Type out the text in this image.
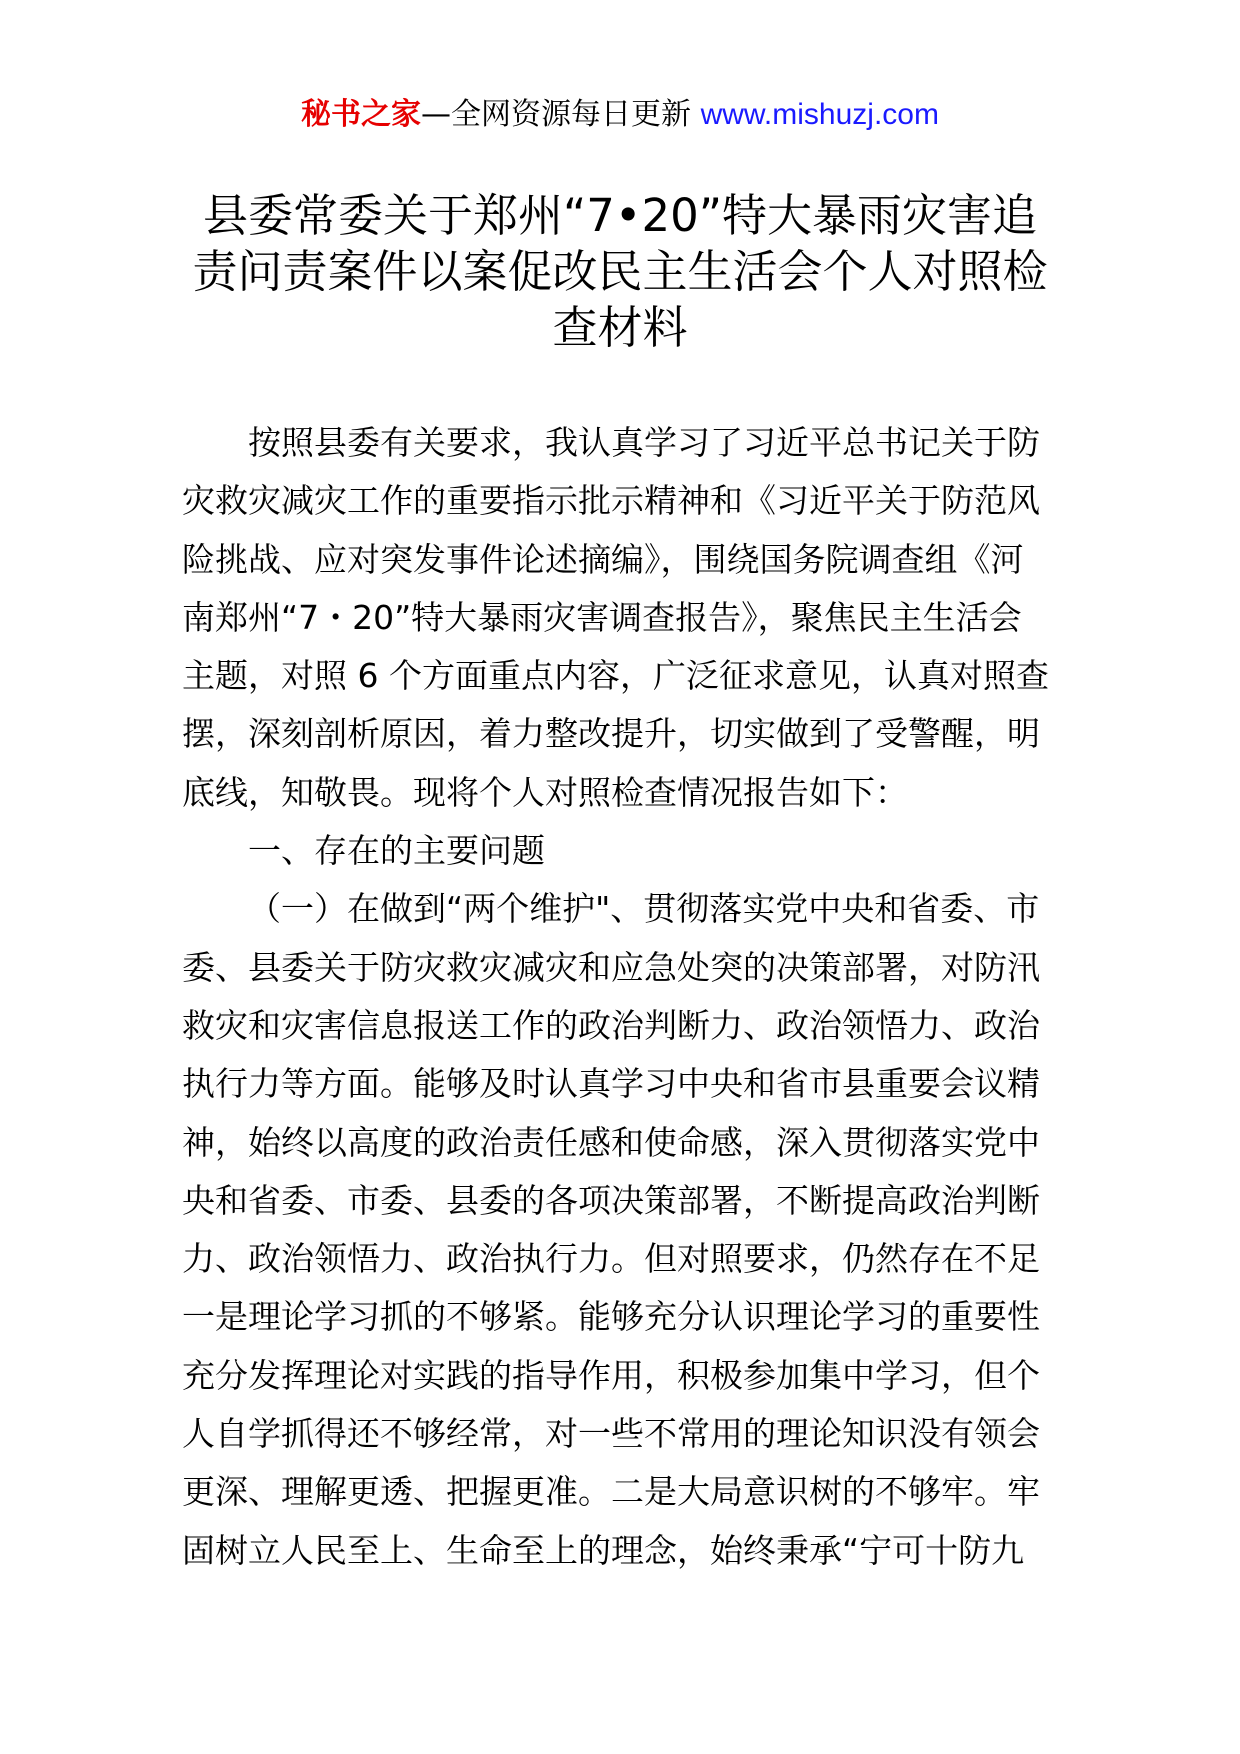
秘书之家—全网资源每日更新 www.mishuzj.com
县委常委关于郑州“7•20”特大暴雨灾害追
责问责案件以案促改民主生活会个人对照检
查材料
按照县委有关要求，我认真学习了习近平总书记关于防
灾救灾减灾工作的重要指示批示精神和《习近平关于防范风
险挑战、应对突发事件论述摘编》，围绕国务院调查组《河
南郑州“7・20”特大暴雨灾害调查报告》，聚焦民主生活会
主题，对照 6 个方面重点内容，广泛征求意见，认真对照查
摆，深刻剖析原因，着力整改提升，切实做到了受警醒，明
底线，知敬畏。现将个人对照检查情况报告如下：
一、存在的主要问题
（一）在做到“两个维护"、贯彻落实党中央和省委、市
委、县委关于防灾救灾减灾和应急处突的决策部署，对防汛
救灾和灾害信息报送工作的政治判断力、政治领悟力、政治
执行力等方面。能够及时认真学习中央和省市县重要会议精
神，始终以高度的政治责任感和使命感，深入贯彻落实党中
央和省委、市委、县委的各项决策部署，不断提高政治判断
力、政治领悟力、政治执行力。但对照要求，仍然存在不足
一是理论学习抓的不够紧。能够充分认识理论学习的重要性
充分发挥理论对实践的指导作用，积极参加集中学习，但个
人自学抓得还不够经常，对一些不常用的理论知识没有领会
更深、理解更透、把握更准。二是大局意识树的不够牢。牢
固树立人民至上、生命至上的理念，始终秉承“宁可十防九
